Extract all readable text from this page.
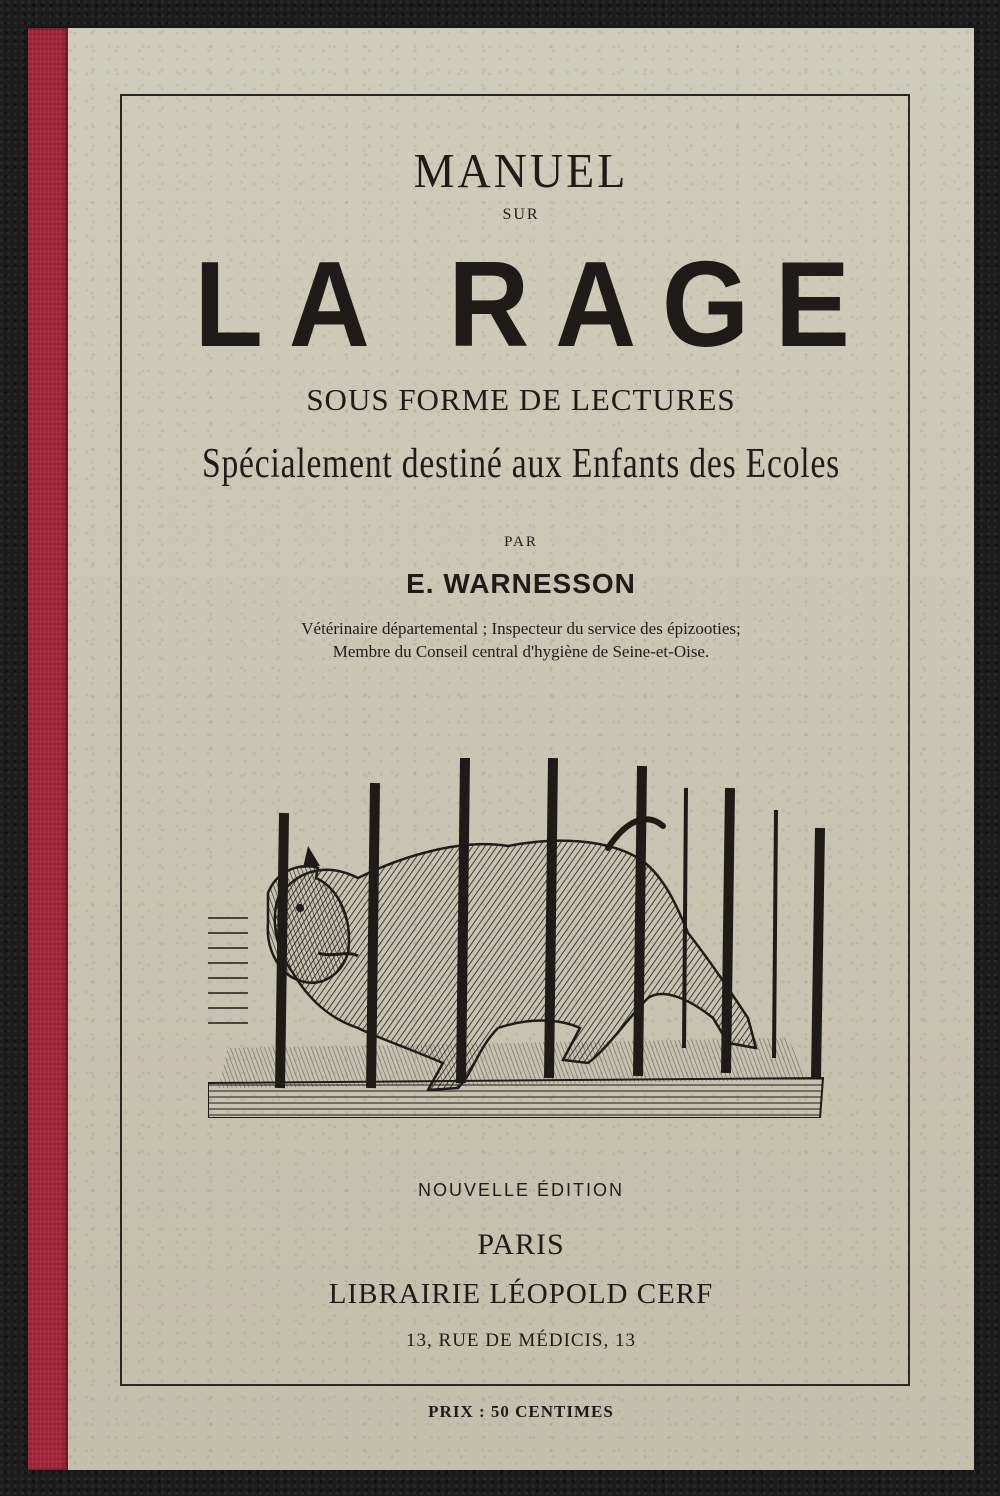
MANUEL

SUR

LA RAGE

SOUS FORME DE LECTURES

Spécialement destiné aux Enfants des Ecoles

PAR

E. WARNESSON

Vétérinaire départemental ; Inspecteur du service des épizooties;

Membre du Conseil central d'hygiène de Seine-et-Oise.

NOUVELLE ÉDITION

PARIS

LIBRAIRIE LÉOPOLD CERF

13, RUE DE MÉDICIS, 13

PRIX : 50 CENTIMES
